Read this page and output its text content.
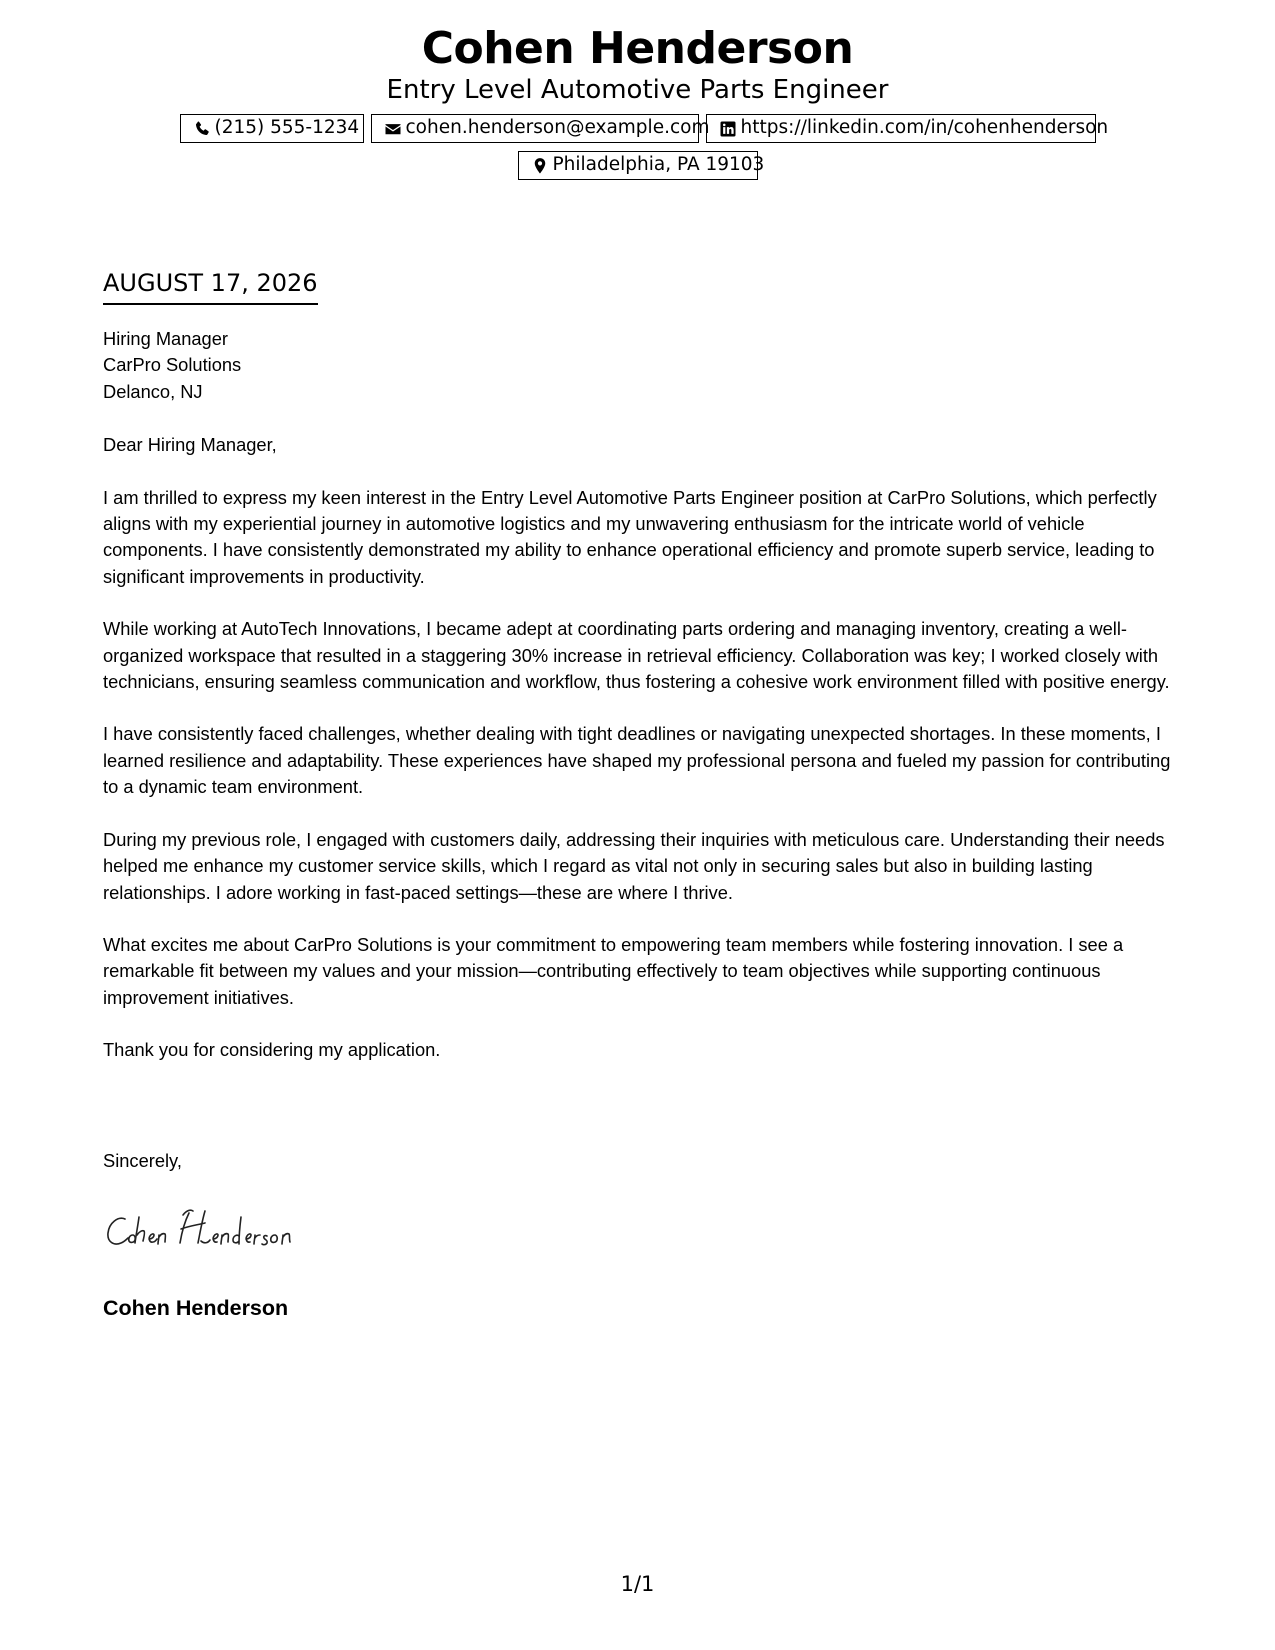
Cohen Henderson
Entry Level Automotive Parts Engineer
(215) 555-1234	cohen.henderson@example.com https://linkedin.com/in/cohenhenderson
Philadelphia, PA 19103
AUGUST 17, 2026

Hiring Manager
CarPro Solutions
Delanco, NJ

Dear Hiring Manager,

I am thrilled to express my keen interest in the Entry Level Automotive Parts Engineer position at CarPro Solutions, which perfectly aligns with my experiential journey in automotive logistics and my unwavering enthusiasm for the intricate world of vehicle components. I have consistently demonstrated my ability to enhance operational efficiency and promote superb service, leading to significant improvements in productivity.

While working at AutoTech Innovations, I became adept at coordinating parts ordering and managing inventory, creating a well-organized workspace that resulted in a staggering 30% increase in retrieval efficiency. Collaboration was key; I worked closely with technicians, ensuring seamless communication and workflow, thus fostering a cohesive work environment filled with positive energy.

I have consistently faced challenges, whether dealing with tight deadlines or navigating unexpected shortages. In these moments, I learned resilience and adaptability. These experiences have shaped my professional persona and fueled my passion for contributing to a dynamic team environment.

During my previous role, I engaged with customers daily, addressing their inquiries with meticulous care. Understanding their needs helped me enhance my customer service skills, which I regard as vital not only in securing sales but also in building lasting relationships. I adore working in fast-paced settings—these are where I thrive.

What excites me about CarPro Solutions is your commitment to empowering team members while fostering innovation. I see a remarkable fit between my values and your mission—contributing effectively to team objectives while supporting continuous improvement initiatives.

Thank you for considering my application.

Sincerely,
Cohen Henderson
1/1
